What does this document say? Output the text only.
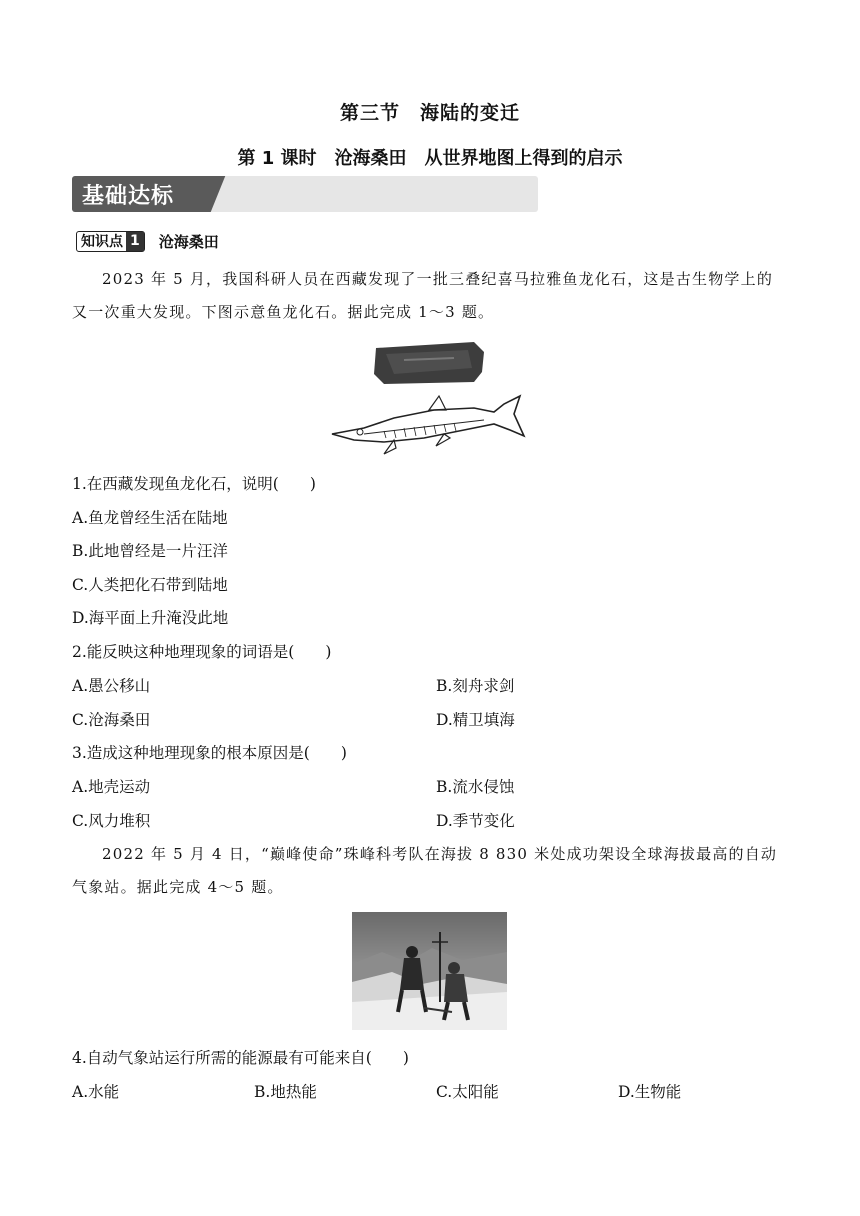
第三节　海陆的变迁
第 1 课时　沧海桑田　从世界地图上得到的启示
基础达标
知识点 1 沧海桑田
2023 年 5 月，我国科研人员在西藏发现了一批三叠纪喜马拉雅鱼龙化石，这是古生物学上的又一次重大发现。下图示意鱼龙化石。据此完成 1～3 题。
1.在西藏发现鱼龙化石，说明(　　)
A.鱼龙曾经生活在陆地
B.此地曾经是一片汪洋
C.人类把化石带到陆地
D.海平面上升淹没此地
2.能反映这种地理现象的词语是(　　)
A.愚公移山	B.刻舟求剑
C.沧海桑田	D.精卫填海
3.造成这种地理现象的根本原因是(　　)
A.地壳运动	B.流水侵蚀
C.风力堆积	D.季节变化
2022 年 5 月 4 日，“巅峰使命”珠峰科考队在海拔 8 830 米处成功架设全球海拔最高的自动气象站。据此完成 4～5 题。
4.自动气象站运行所需的能源最有可能来自(　　)
A.水能	B.地热能	C.太阳能	D.生物能
